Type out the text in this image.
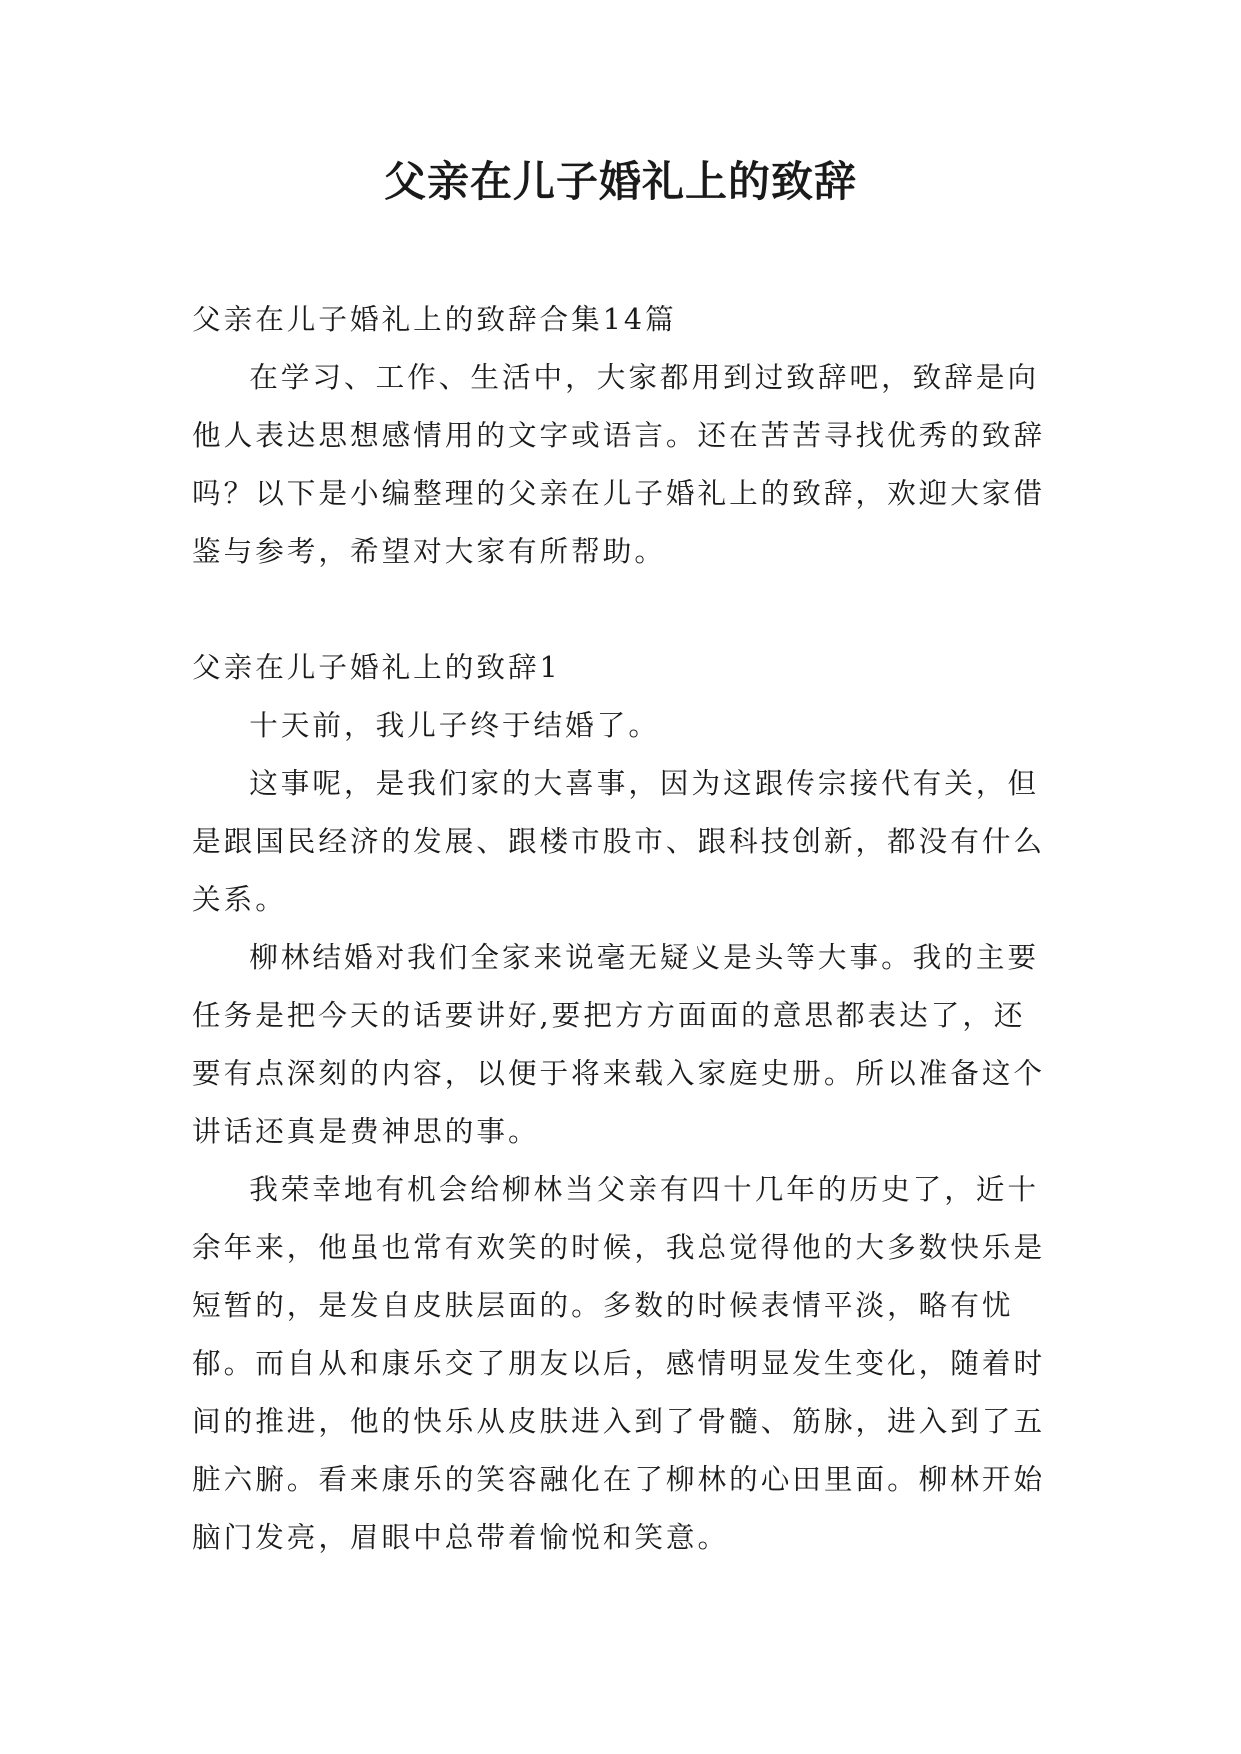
父亲在儿子婚礼上的致辞

父亲在儿子婚礼上的致辞合集14篇

在学习、工作、生活中，大家都用到过致辞吧，致辞是向他人表达思想感情用的文字或语言。还在苦苦寻找优秀的致辞吗？以下是小编整理的父亲在儿子婚礼上的致辞，欢迎大家借鉴与参考，希望对大家有所帮助。

父亲在儿子婚礼上的致辞1

十天前，我儿子终于结婚了。

这事呢，是我们家的大喜事，因为这跟传宗接代有关，但是跟国民经济的发展、跟楼市股市、跟科技创新，都没有什么关系。

柳林结婚对我们全家来说毫无疑义是头等大事。我的主要任务是把今天的话要讲好,要把方方面面的意思都表达了，还要有点深刻的内容，以便于将来载入家庭史册。所以准备这个讲话还真是费神思的事。

我荣幸地有机会给柳林当父亲有四十几年的历史了，近十余年来，他虽也常有欢笑的时候，我总觉得他的大多数快乐是短暂的，是发自皮肤层面的。多数的时候表情平淡，略有忧郁。而自从和康乐交了朋友以后，感情明显发生变化，随着时间的推进，他的快乐从皮肤进入到了骨髓、筋脉，进入到了五脏六腑。看来康乐的笑容融化在了柳林的心田里面。柳林开始脑门发亮，眉眼中总带着愉悦和笑意。
